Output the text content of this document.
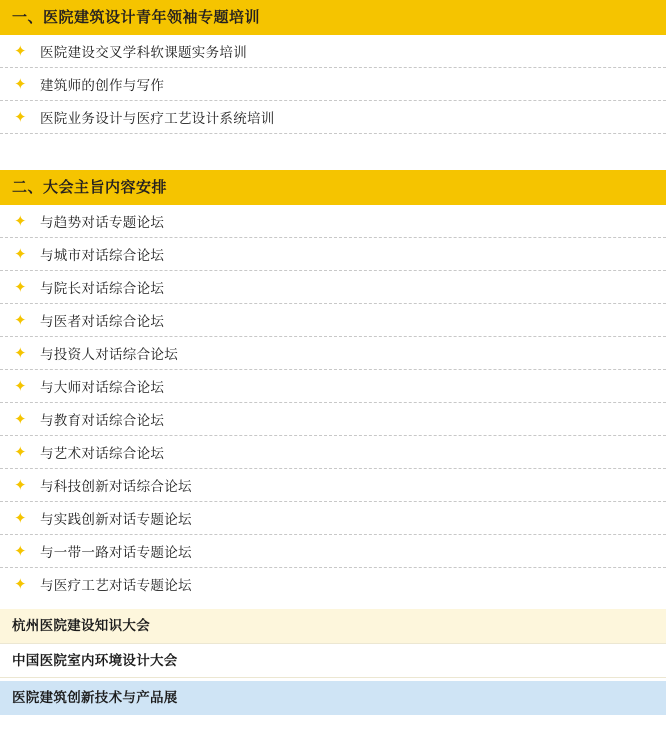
一、医院建筑设计青年领袖专题培训
✦ 医院建设交叉学科软课题实务培训
✦ 建筑师的创作与写作
✦ 医院业务设计与医疗工艺设计系统培训
二、大会主旨内容安排
✦ 与趋势对话专题论坛
✦ 与城市对话综合论坛
✦ 与院长对话综合论坛
✦ 与医者对话综合论坛
✦ 与投资人对话综合论坛
✦ 与大师对话综合论坛
✦ 与教育对话综合论坛
✦ 与艺术对话综合论坛
✦ 与科技创新对话综合论坛
✦ 与实践创新对话专题论坛
✦ 与一带一路对话专题论坛
✦ 与医疗工艺对话专题论坛
杭州医院建设知识大会
中国医院室内环境设计大会
医院建筑创新技术与产品展
